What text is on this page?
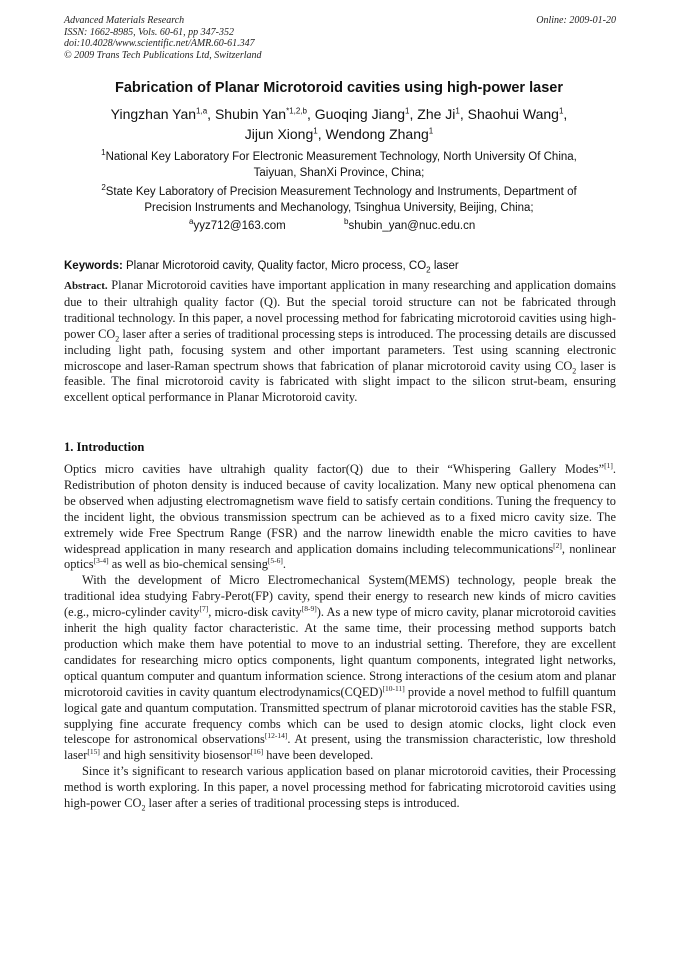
Advanced Materials Research
ISSN: 1662-8985, Vols. 60-61, pp 347-352
doi:10.4028/www.scientific.net/AMR.60-61.347
© 2009 Trans Tech Publications Ltd, Switzerland
Online: 2009-01-20
Fabrication of Planar Microtoroid cavities using high-power laser
Yingzhan Yan$^{1,a}$, Shubin Yan$^{*1,2,b}$, Guoqing Jiang$^1$, Zhe Ji$^1$, Shaohui Wang$^1$,
Jijun Xiong$^1$, Wendong Zhang$^1$
$^1$National Key Laboratory For Electronic Measurement Technology, North University Of China,
Taiyuan, ShanXi Province, China;
$^2$State Key Laboratory of Precision Measurement Technology and Instruments, Department of
Precision Instruments and Mechanology, Tsinghua University, Beijing, China;
$^a$yyz712@163.com	$^b$shubin_yan@nuc.edu.cn
Keywords: Planar Microtoroid cavity, Quality factor, Micro process, $CO_2$ laser
Abstract. Planar Microtoroid cavities have important application in many researching and application domains due to their ultrahigh quality factor (Q). But the special toroid structure can not be fabricated through traditional technology. In this paper, a novel processing method for fabricating microtoroid cavities using high-power $CO_2$ laser after a series of traditional processing steps is introduced. The processing details are discussed including light path, focusing system and other important parameters. Test using scanning electronic microscope and laser-Raman spectrum shows that fabrication of planar microtoroid cavity using $CO_2$ laser is feasible. The final microtoroid cavity is fabricated with slight impact to the silicon strut-beam, ensuring excellent optical performance in Planar Microtoroid cavity.
1. Introduction

Optics micro cavities have ultrahigh quality factor(Q) due to their “Whispering Gallery Modes”[1]. Redistribution of photon density is induced because of cavity localization. Many new optical phenomena can be observed when adjusting electromagnetism wave field to satisfy certain conditions. Tuning the frequency to the incident light, the obvious transmission spectrum can be achieved as to a fixed micro cavity size. The extremely wide Free Spectrum Range (FSR) and the narrow linewidth enable the micro cavities to have widespread application in many research and application domains including telecommunications[2], nonlinear optics[3-4] as well as bio-chemical sensing[5-6].

With the development of Micro Electromechanical System(MEMS) technology, people break the traditional idea studying Fabry-Perot(FP) cavity, spend their energy to research new kinds of micro cavities (e.g., micro-cylinder cavity[7], micro-disk cavity[8-9]). As a new type of micro cavity, planar microtoroid cavities inherit the high quality factor characteristic. At the same time, their processing method supports batch production which make them have potential to move to an industrial setting. Therefore, they are excellent candidates for researching micro optics components, light quantum components, integrated light networks, optical quantum computer and quantum information science. Strong interactions of the cesium atom and planar microtoroid cavities in cavity quantum electrodynamics(CQED)[10-11] provide a novel method to fulfill quantum logical gate and quantum computation. Transmitted spectrum of planar microtoroid cavities has the stable FSR, supplying fine accurate frequency combs which can be used to design atomic clocks, light clock even telescope for astronomical observations[12-14]. At present, using the transmission characteristic, low threshold laser[15] and high sensitivity biosensor[16] have been developed.

Since it’s significant to research various application based on planar microtoroid cavities, their Processing method is worth exploring. In this paper, a novel processing method for fabricating microtoroid cavities using high-power $CO_2$ laser after a series of traditional processing steps is introduced.
